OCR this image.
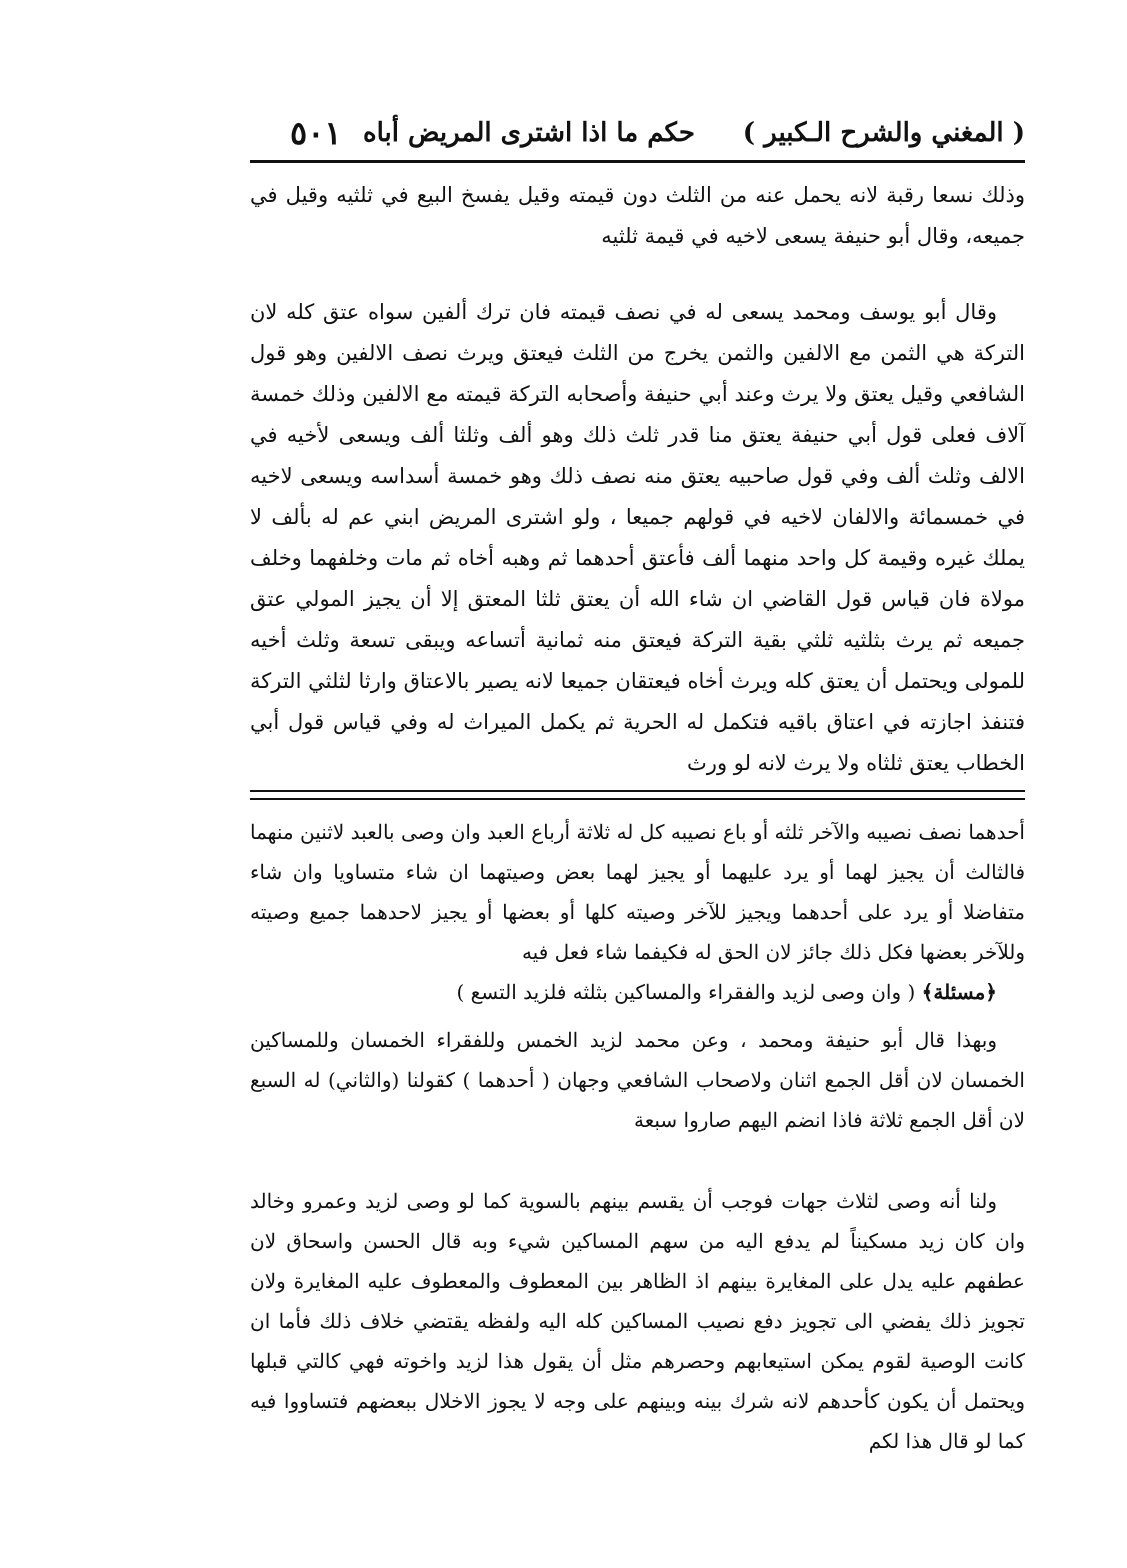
( المغني والشرح الـكبير )
حكم ما اذا اشترى المريض أباه
٥٠١

وذلك نسعا رقبة لانه يحمل عنه من الثلث دون قيمته وقيل يفسخ البيع في ثلثيه وقيل في جميعه، وقال أبو حنيفة يسعى لاخيه في قيمة ثلثيه

وقال أبو يوسف ومحمد يسعى له في نصف قيمته فان ترك ألفين سواه عتق كله لان التركة هي الثمن مع الالفين والثمن يخرج من الثلث فيعتق ويرث نصف الالفين وهو قول الشافعي وقيل يعتق ولا يرث وعند أبي حنيفة وأصحابه التركة قيمته مع الالفين وذلك خمسة آلاف فعلى قول أبي حنيفة يعتق منا قدر ثلث ذلك وهو ألف وثلثا ألف ويسعى لأخيه في الالف وثلث ألف وفي قول صاحبيه يعتق منه نصف ذلك وهو خمسة أسداسه ويسعى لاخيه في خمسمائة والالفان لاخيه في قولهم جميعا ، ولو اشترى المريض ابني عم له بألف لا يملك غيره وقيمة كل واحد منهما ألف فأعتق أحدهما ثم وهبه أخاه ثم مات وخلفهما وخلف مولاة فان قياس قول القاضي ان شاء الله أن يعتق ثلثا المعتق إلا أن يجيز المولي عتق جميعه ثم يرث بثلثيه ثلثي بقية التركة فيعتق منه ثمانية أتساعه ويبقى تسعة وثلث أخيه للمولى ويحتمل أن يعتق كله ويرث أخاه فيعتقان جميعا لانه يصير بالاعتاق وارثا لثلثي التركة فتنفذ اجازته في اعتاق باقيه فتكمل له الحرية ثم يكمل الميراث له وفي قياس قول أبي الخطاب يعتق ثلثاه ولا يرث لانه لو ورث

أحدهما نصف نصيبه والآخر ثلثه أو باع نصيبه كل له ثلاثة أرباع العبد وان وصى بالعبد لاثنين منهما فالثالث أن يجيز لهما أو يرد عليهما أو يجيز لهما بعض وصيتهما ان شاء متساويا وان شاء متفاضلا أو يرد على أحدهما ويجيز للآخر وصيته كلها أو بعضها أو يجيز لاحدهما جميع وصيته وللآخر بعضها فكل ذلك جائز لان الحق له فكيفما شاء فعل فيه

﴿مسئلة﴾ ( وان وصى لزيد والفقراء والمساكين بثلثه فلزيد التسع )

وبهذا قال أبو حنيفة ومحمد ، وعن محمد لزيد الخمس وللفقراء الخمسان وللمساكين الخمسان لان أقل الجمع اثنان ولاصحاب الشافعي وجهان ( أحدهما ) كقولنا (والثاني) له السبع لان أقل الجمع ثلاثة فاذا انضم اليهم صاروا سبعة

ولنا أنه وصى لثلاث جهات فوجب أن يقسم بينهم بالسوية كما لو وصى لزيد وعمرو وخالد وان كان زيد مسكيناً لم يدفع اليه من سهم المساكين شيء وبه قال الحسن واسحاق لان عطفهم عليه يدل على المغايرة بينهم اذ الظاهر بين المعطوف والمعطوف عليه المغايرة ولان تجويز ذلك يفضي الى تجويز دفع نصيب المساكين كله اليه ولفظه يقتضي خلاف ذلك فأما ان كانت الوصية لقوم يمكن استيعابهم وحصرهم مثل أن يقول هذا لزيد واخوته فهي كالتي قبلها ويحتمل أن يكون كأحدهم لانه شرك بينه وبينهم على وجه لا يجوز الاخلال ببعضهم فتساووا فيه كما لو قال هذا لكم
